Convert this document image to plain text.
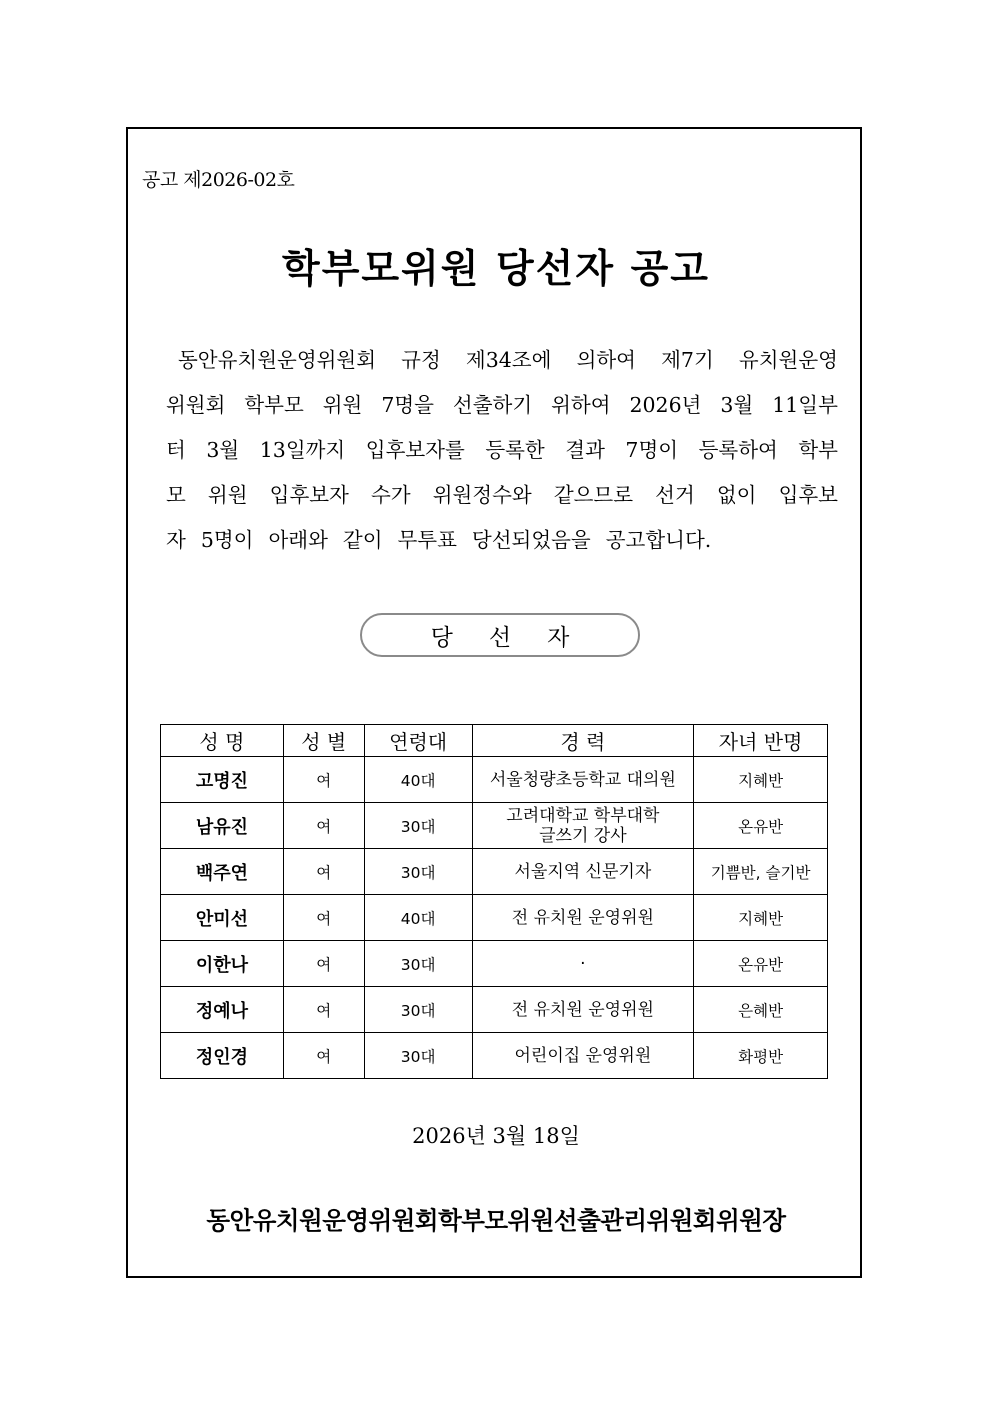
공고 제2026-02호
학부모위원 당선자 공고
동안유치원운영위원회 규정 제34조에 의하여 제7기 유치원운영
위원회 학부모 위원 7명을 선출하기 위하여 2026년 3월 11일부
터 3월 13일까지 입후보자를 등록한 결과 7명이 등록하여 학부
모 위원 입후보자 수가 위원정수와 같으므로 선거 없이 입후보
자 5명이 아래와 같이 무투표 당선되었음을 공고합니다.
당선자
성 명	성 별	연령대	경 력	자녀 반명
고명진	여	40대	서울청량초등학교 대의원	지혜반
남유진	여	30대	고려대학교 학부대학
글쓰기 강사	온유반
백주연	여	30대	서울지역 신문기자	기쁨반, 슬기반
안미선	여	40대	전 유치원 운영위원	지혜반
이한나	여	30대	·	온유반
정예나	여	30대	전 유치원 운영위원	은혜반
정인경	여	30대	어린이집 운영위원	화평반
2026년 3월 18일
동안유치원운영위원회학부모위원선출관리위원회위원장
